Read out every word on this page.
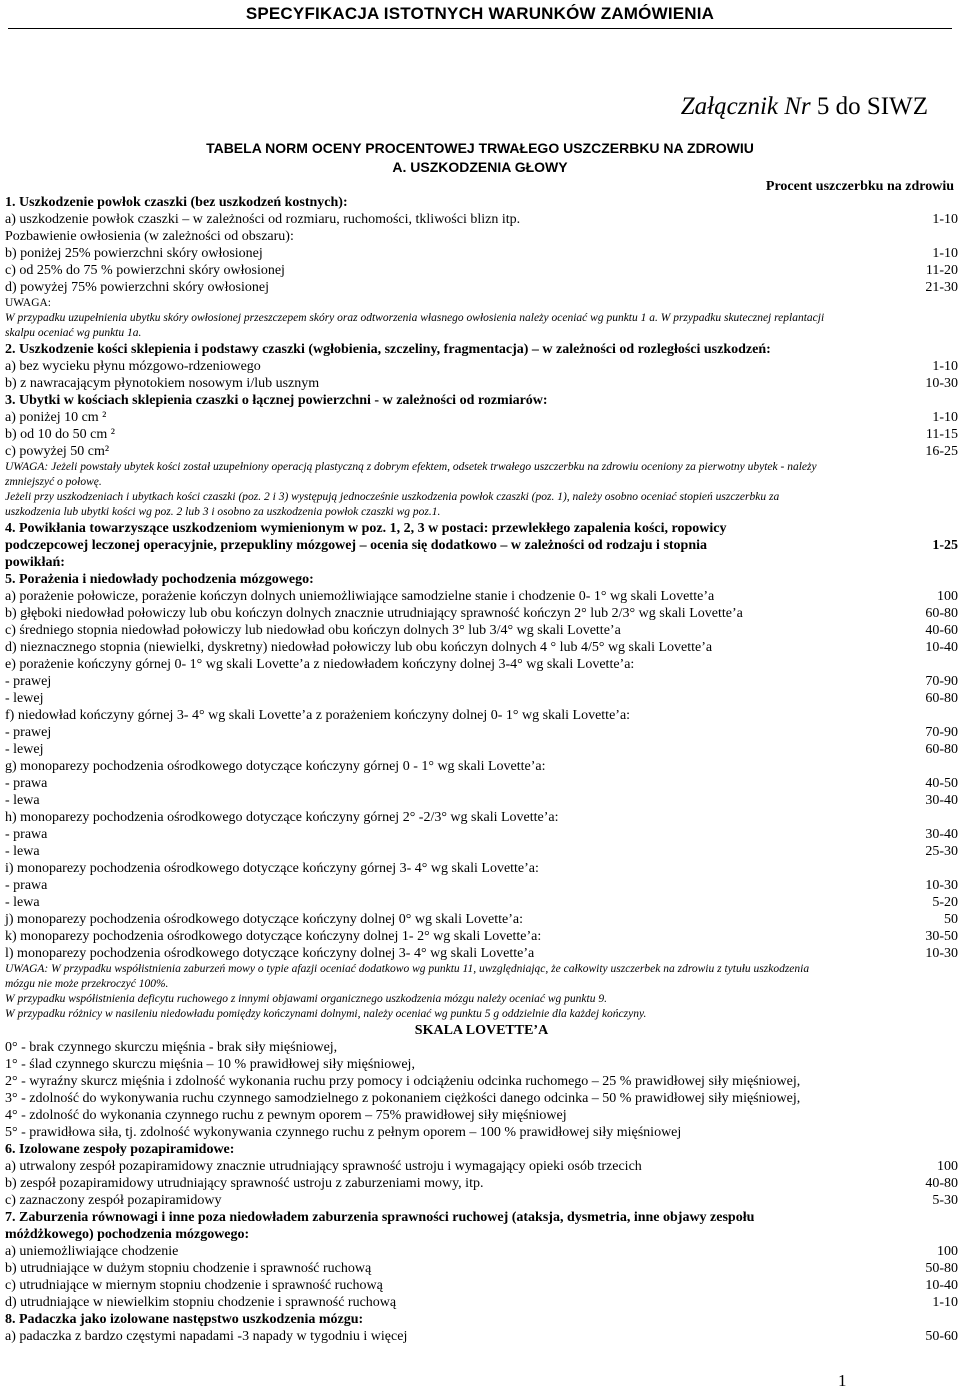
SPECYFIKACJA ISTOTNYCH WARUNKÓW ZAMÓWIENIA
Załącznik Nr 5 do SIWZ
TABELA NORM OCENY PROCENTOWEJ TRWAŁEGO USZCZERBKU NA ZDROWIU
A. USZKODZENIA GŁOWY
Procent uszczerbku na zdrowiu
1. Uszkodzenie powłok czaszki (bez uszkodzeń kostnych):
a) uszkodzenie powłok czaszki – w zależności od rozmiaru, ruchomości, tkliwości blizn itp.	1-10
Pozbawienie owłosienia (w zależności od obszaru):
b) poniżej 25% powierzchni skóry owłosionej	1-10
c) od 25% do 75 % powierzchni skóry owłosionej	11-20
d) powyżej 75% powierzchni skóry owłosionej	21-30
UWAGA:
W przypadku uzupełnienia ubytku skóry owłosionej przeszczepem skóry oraz odtworzenia własnego owłosienia należy oceniać wg punktu 1 a. W przypadku skutecznej replantacji
skalpu oceniać wg punktu 1a.
2. Uszkodzenie kości sklepienia i podstawy czaszki (wgłobienia, szczeliny, fragmentacja) – w zależności od rozległości uszkodzeń:
a) bez wycieku płynu mózgowo-rdzeniowego	1-10
b) z nawracającym płynotokiem nosowym i/lub usznym	10-30
3. Ubytki w kościach sklepienia czaszki o łącznej powierzchni - w zależności od rozmiarów:
a) poniżej 10 cm ²	1-10
b) od 10 do 50 cm ²	11-15
c) powyżej 50 cm²	16-25
UWAGA: Jeżeli powstały ubytek kości został uzupełniony operacją plastyczną z dobrym efektem, odsetek trwałego uszczerbku na zdrowiu oceniony za pierwotny ubytek - należy
zmniejszyć o połowę.
Jeżeli przy uszkodzeniach i ubytkach kości czaszki (poz. 2 i 3) występują jednocześnie uszkodzenia powłok czaszki (poz. 1), należy osobno oceniać stopień uszczerbku za
uszkodzenia lub ubytki kości wg poz. 2 lub 3 i osobno za uszkodzenia powłok czaszki wg poz.1.
4. Powikłania towarzyszące uszkodzeniom wymienionym w poz. 1, 2, 3 w postaci: przewlekłego zapalenia kości, ropowicy
podczepcowej leczonej operacyjnie, przepukliny mózgowej – ocenia się dodatkowo – w zależności od rodzaju i stopnia	1-25
powikłań:
5. Porażenia i niedowłady pochodzenia mózgowego:
a) porażenie połowicze, porażenie kończyn dolnych uniemożliwiające samodzielne stanie i chodzenie 0- 1° wg skali Lovette’a	100
b) głęboki niedowład połowiczy lub obu kończyn dolnych znacznie utrudniający sprawność kończyn 2° lub 2/3° wg skali Lovette’a	60-80
c) średniego stopnia niedowład połowiczy lub niedowład obu kończyn dolnych 3° lub 3/4° wg skali Lovette’a	40-60
d) nieznacznego stopnia (niewielki, dyskretny) niedowład połowiczy lub obu kończyn dolnych 4 ° lub 4/5° wg skali Lovette’a	10-40
e) porażenie kończyny górnej 0- 1° wg skali Lovette’a z niedowładem kończyny dolnej 3-4° wg skali Lovette’a:
- prawej	70-90
- lewej	60-80
f) niedowład kończyny górnej 3- 4° wg skali Lovette’a z porażeniem kończyny dolnej 0- 1° wg skali Lovette’a:
- prawej	70-90
- lewej	60-80
g) monoparezy pochodzenia ośrodkowego dotyczące kończyny górnej 0 - 1° wg skali Lovette’a:
- prawa	40-50
- lewa	30-40
h) monoparezy pochodzenia ośrodkowego dotyczące kończyny górnej 2° -2/3° wg skali Lovette’a:
- prawa	30-40
- lewa	25-30
i) monoparezy pochodzenia ośrodkowego dotyczące kończyny górnej 3- 4° wg skali Lovette’a:
- prawa	10-30
- lewa	5-20
j) monoparezy pochodzenia ośrodkowego dotyczące kończyny dolnej 0° wg skali Lovette’a:	50
k) monoparezy pochodzenia ośrodkowego dotyczące kończyny dolnej 1- 2° wg skali Lovette’a:	30-50
l) monoparezy pochodzenia ośrodkowego dotyczące kończyny dolnej 3- 4° wg skali Lovette’a	10-30
UWAGA: W przypadku współistnienia zaburzeń mowy o typie afazji oceniać dodatkowo wg punktu 11, uwzględniając, że całkowity uszczerbek na zdrowiu z tytułu uszkodzenia
mózgu nie może przekroczyć 100%.
W przypadku współistnienia deficytu ruchowego z innymi objawami organicznego uszkodzenia mózgu należy oceniać wg punktu 9.
W przypadku różnicy w nasileniu niedowładu pomiędzy kończynami dolnymi, należy oceniać wg punktu 5 g oddzielnie dla każdej kończyny.
SKALA LOVETTE’A
0° - brak czynnego skurczu mięśnia - brak siły mięśniowej,
1° - ślad czynnego skurczu mięśnia – 10 % prawidłowej siły mięśniowej,
2° - wyraźny skurcz mięśnia i zdolność wykonania ruchu przy pomocy i odciążeniu odcinka ruchomego – 25 % prawidłowej siły mięśniowej,
3° - zdolność do wykonywania ruchu czynnego samodzielnego z pokonaniem ciężkości danego odcinka – 50 % prawidłowej siły mięśniowej,
4° - zdolność do wykonania czynnego ruchu z pewnym oporem – 75% prawidłowej siły mięśniowej
5° - prawidłowa siła, tj. zdolność wykonywania czynnego ruchu z pełnym oporem – 100 % prawidłowej siły mięśniowej
6. Izolowane zespoły pozapiramidowe:
a) utrwalony zespół pozapiramidowy znacznie utrudniający sprawność ustroju i wymagający opieki osób trzecich	100
b) zespół pozapiramidowy utrudniający sprawność ustroju z zaburzeniami mowy, itp.	40-80
c) zaznaczony zespół pozapiramidowy	5-30
7. Zaburzenia równowagi i inne poza niedowładem zaburzenia sprawności ruchowej (ataksja, dysmetria, inne objawy zespołu
móżdżkowego) pochodzenia mózgowego:
a) uniemożliwiające chodzenie	100
b) utrudniające w dużym stopniu chodzenie i sprawność ruchową	50-80
c) utrudniające w miernym stopniu chodzenie i sprawność ruchową	10-40
d) utrudniające w niewielkim stopniu chodzenie i sprawność ruchową	1-10
8. Padaczka jako izolowane następstwo uszkodzenia mózgu:
a) padaczka z bardzo częstymi napadami -3 napady w tygodniu i więcej	50-60
1
